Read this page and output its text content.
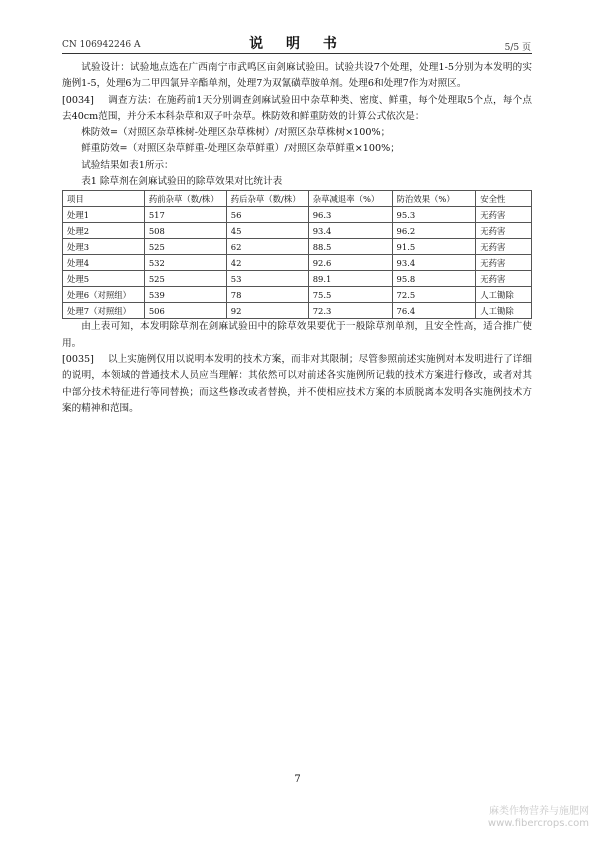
CN 106942246 A	说 明 书	5/5 页

试验设计：试验地点选在广西南宁市武鸣区亩剑麻试验田。试验共设7个处理，处理1-5分别为本发明的实施例1-5，处理6为二甲四氯异辛酯单剂，处理7为双氰磺草胺单剂。处理6和处理7作为对照区。

[0034] 调查方法：在施药前1天分别调查剑麻试验田中杂草种类、密度、鲜重，每个处理取5个点，每个点去40cm范围，并分禾本科杂草和双子叶杂草。株防效和鲜重防效的计算公式依次是：

株防效=（对照区杂草株树-处理区杂草株树）/对照区杂草株树×100%；

鲜重防效=（对照区杂草鲜重-处理区杂草鲜重）/对照区杂草鲜重×100%；

试验结果如表1所示：

表1 除草剂在剑麻试验田的除草效果对比统计表

项目	药前杂草（数/株）	药后杂草（数/株）	杂草减退率（%）	防治效果（%）	安全性
处理1	517	56	96.3	95.3	无药害
处理2	508	45	93.4	96.2	无药害
处理3	525	62	88.5	91.5	无药害
处理4	532	42	92.6	93.4	无药害
处理5	525	53	89.1	95.8	无药害
处理6（对照组）	539	78	75.5	72.5	人工锄除
处理7（对照组）	506	92	72.3	76.4	人工锄除

由上表可知，本发明除草剂在剑麻试验田中的除草效果要优于一般除草剂单剂，且安全性高，适合推广使用。

[0035] 以上实施例仅用以说明本发明的技术方案，而非对其限制；尽管参照前述实施例对本发明进行了详细的说明，本领域的普通技术人员应当理解：其依然可以对前述各实施例所记载的技术方案进行修改，或者对其中部分技术特征进行等同替换；而这些修改或者替换，并不使相应技术方案的本质脱离本发明各实施例技术方案的精神和范围。

7
麻类作物营养与施肥网
www.fibercrops.com
